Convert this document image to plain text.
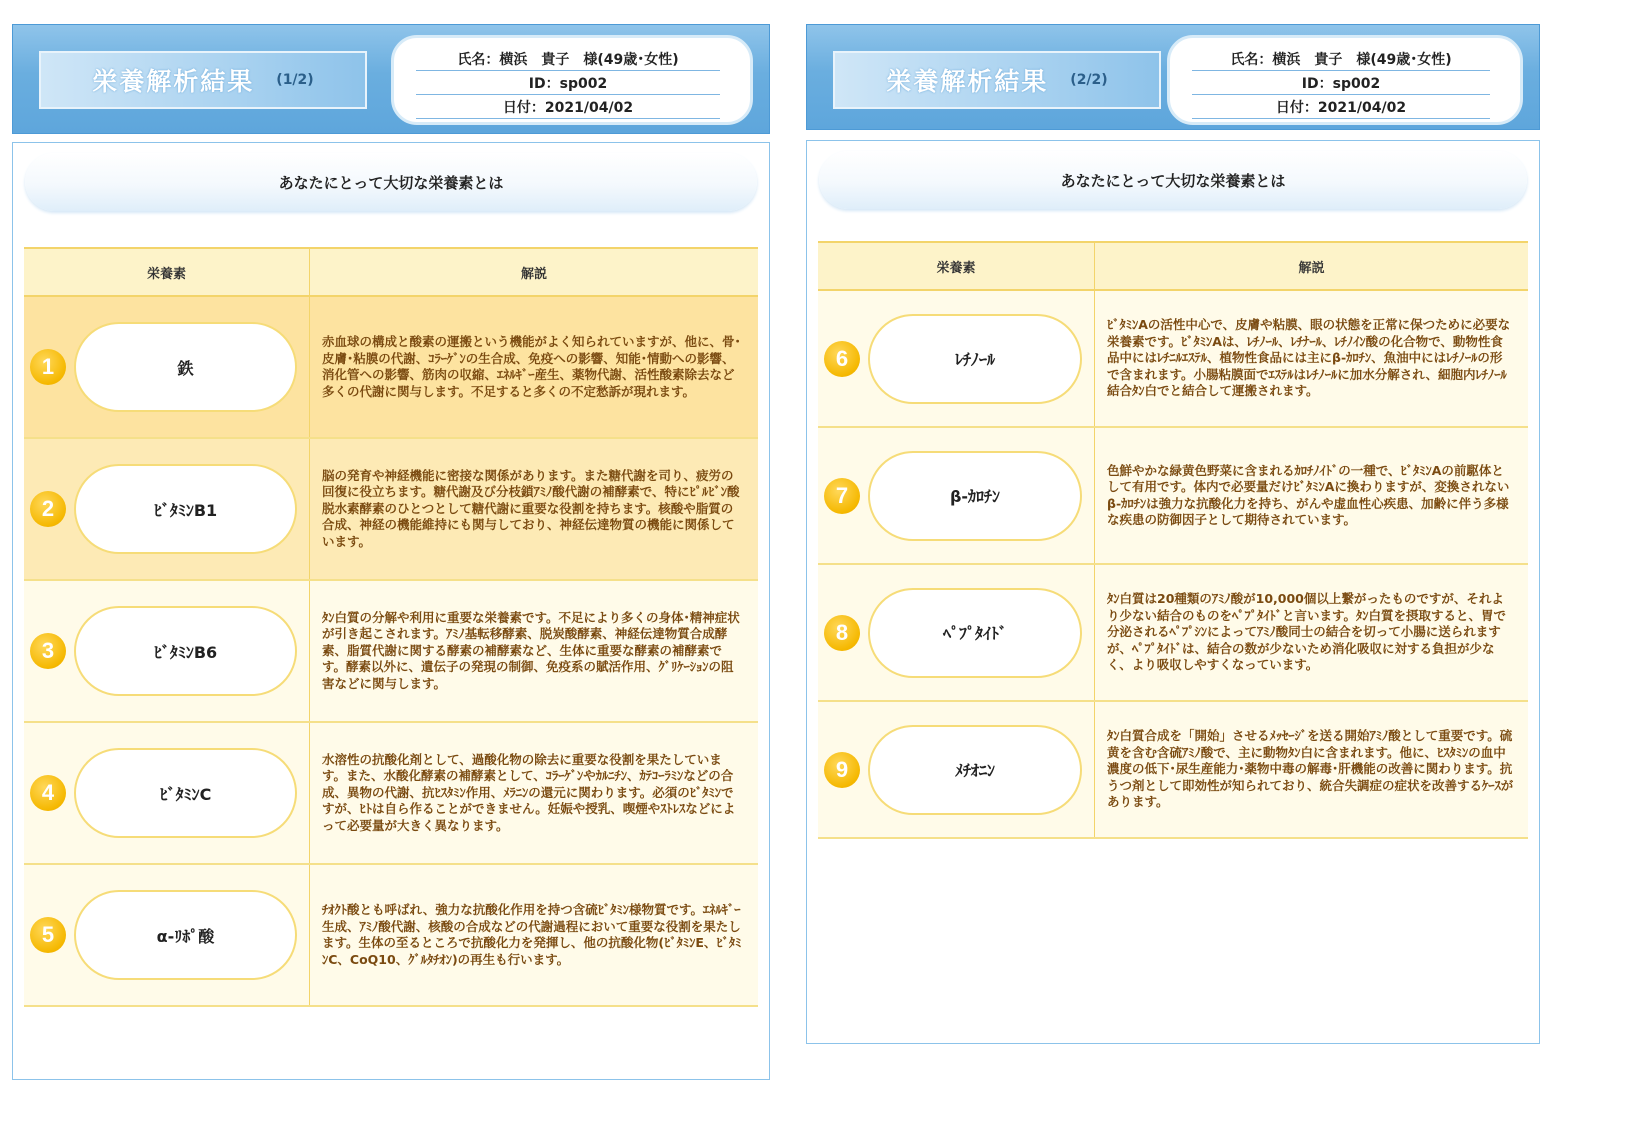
栄養解析結果 (1/2)
氏名：横浜　貴子　様(49歳･女性)
ID：sp002
日付：2021/04/02
あなたにとって大切な栄養素とは
栄養素	解説

1 鉄	赤血球の構成と酸素の運搬という機能がよく知られていますが、他に、骨･皮膚･粘膜の代謝、ｺﾗｰｹﾞﾝの生合成、免疫への影響、知能･情動への影響、消化管への影響、筋肉の収縮、ｴﾈﾙｷﾞｰ産生、薬物代謝、活性酸素除去など多くの代謝に関与します。不足すると多くの不定愁訴が現れます。

2 ﾋﾞﾀﾐﾝB1	脳の発育や神経機能に密接な関係があります。また糖代謝を司り、疲労の回復に役立ちます。糖代謝及び分枝鎖ｱﾐﾉ酸代謝の補酵素で、特にﾋﾟﾙﾋﾞﾝ酸脱水素酵素のひとつとして糖代謝に重要な役割を持ちます。核酸や脂質の合成、神経の機能維持にも関与しており、神経伝達物質の機能に関係しています。

3 ﾋﾞﾀﾐﾝB6	ﾀﾝ白質の分解や利用に重要な栄養素です。不足により多くの身体･精神症状が引き起こされます。ｱﾐﾉ基転移酵素、脱炭酸酵素、神経伝達物質合成酵素、脂質代謝に関する酵素の補酵素など、生体に重要な酵素の補酵素です。酵素以外に、遺伝子の発現の制御、免疫系の賦活作用、ｸﾞﾘｹｰｼｮﾝの阻害などに関与します。

4 ﾋﾞﾀﾐﾝC	水溶性の抗酸化剤として、過酸化物の除去に重要な役割を果たしています。また、水酸化酵素の補酵素として、ｺﾗｰｹﾞﾝやｶﾙﾆﾁﾝ、ｶﾃｺｰﾗﾐﾝなどの合成、異物の代謝、抗ﾋｽﾀﾐﾝ作用、ﾒﾗﾆﾝの還元に関わります。必須のﾋﾞﾀﾐﾝですが、ﾋﾄは自ら作ることができません。妊娠や授乳、喫煙やｽﾄﾚｽなどによって必要量が大きく異なります。

5 α-ﾘﾎﾟ酸	ﾁｵｸﾄ酸とも呼ばれ、強力な抗酸化作用を持つ含硫ﾋﾞﾀﾐﾝ様物質です。ｴﾈﾙｷﾞｰ生成、ｱﾐﾉ酸代謝、核酸の合成などの代謝過程において重要な役割を果たします。生体の至るところで抗酸化力を発揮し、他の抗酸化物(ﾋﾞﾀﾐﾝE、ﾋﾞﾀﾐﾝC、CoQ10、ｸﾞﾙﾀﾁｵﾝ)の再生も行います。
栄養解析結果 (2/2)
氏名：横浜　貴子　様(49歳･女性)
ID：sp002
日付：2021/04/02
あなたにとって大切な栄養素とは
栄養素	解説

6 ﾚﾁﾉｰﾙ	ﾋﾞﾀﾐﾝAの活性中心で、皮膚や粘膜、眼の状態を正常に保つために必要な栄養素です。ﾋﾞﾀﾐﾝAは、ﾚﾁﾉｰﾙ、ﾚﾁﾅｰﾙ、ﾚﾁﾉｲﾝ酸の化合物で、動物性食品中にはﾚﾁﾆﾙｴｽﾃﾙ、植物性食品には主にβ-ｶﾛﾁﾝ、魚油中にはﾚﾁﾉｰﾙの形で含まれます。小腸粘膜面でｴｽﾃﾙはﾚﾁﾉｰﾙに加水分解され、細胞内ﾚﾁﾉｰﾙ結合ﾀﾝ白でと結合して運搬されます。

7 β-ｶﾛﾁﾝ	色鮮やかな緑黄色野菜に含まれるｶﾛﾁﾉｲﾄﾞの一種で、ﾋﾞﾀﾐﾝAの前駆体として有用です。体内で必要量だけﾋﾞﾀﾐﾝAに換わりますが、変換されないβ-ｶﾛﾁﾝは強力な抗酸化力を持ち、がんや虚血性心疾患、加齢に伴う多様な疾患の防御因子として期待されています。

8 ﾍﾟﾌﾟﾀｲﾄﾞ	ﾀﾝ白質は20種類のｱﾐﾉ酸が10,000個以上繋がったものですが、それより少ない結合のものをﾍﾟﾌﾟﾀｲﾄﾞと言います。ﾀﾝ白質を摂取すると、胃で分泌されるﾍﾟﾌﾟｼﾝによってｱﾐﾉ酸同士の結合を切って小腸に送られますが、ﾍﾟﾌﾟﾀｲﾄﾞは、結合の数が少ないため消化吸収に対する負担が少なく、より吸収しやすくなっています。

9 ﾒﾁｵﾆﾝ	ﾀﾝ白質合成を「開始」させるﾒｯｾｰｼﾞを送る開始ｱﾐﾉ酸として重要です。硫黄を含む含硫ｱﾐﾉ酸で、主に動物ﾀﾝ白に含まれます。他に、ﾋｽﾀﾐﾝの血中濃度の低下･尿生産能力･薬物中毒の解毒･肝機能の改善に関わります。抗うつ剤として即効性が知られており、統合失調症の症状を改善するｹｰｽがあります。
